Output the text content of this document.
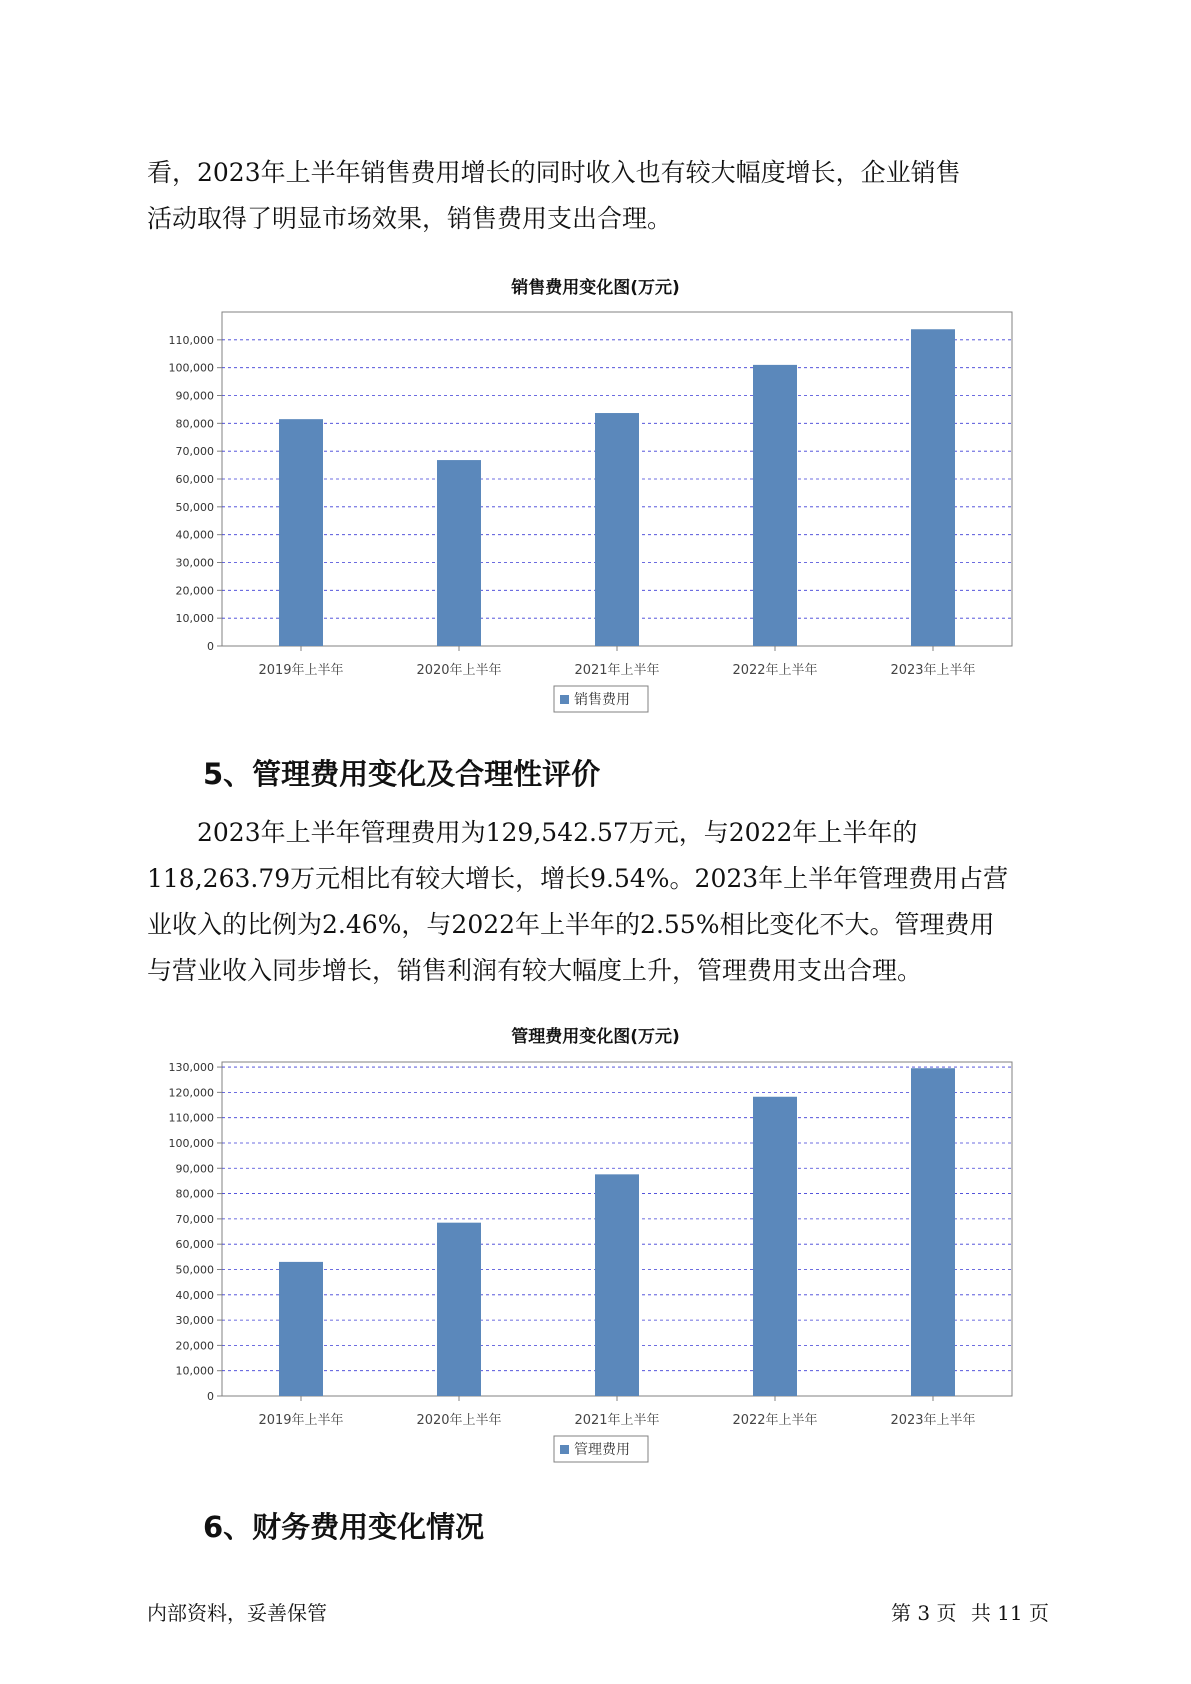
看，2023年上半年销售费用增长的同时收入也有较大幅度增长，企业销售
活动取得了明显市场效果，销售费用支出合理。
销售费用变化图(万元)
0
10,000
20,000
30,000
40,000
50,000
60,000
70,000
80,000
90,000
100,000
110,000
2019年上半年	2020年上半年	2021年上半年	2022年上半年	2023年上半年
销售费用
5、管理费用变化及合理性评价
　　2023年上半年管理费用为129,542.57万元，与2022年上半年的
118,263.79万元相比有较大增长，增长9.54%。2023年上半年管理费用占营
业收入的比例为2.46%，与2022年上半年的2.55%相比变化不大。管理费用
与营业收入同步增长，销售利润有较大幅度上升，管理费用支出合理。
管理费用变化图(万元)
0
10,000
20,000
30,000
40,000
50,000
60,000
70,000
80,000
90,000
100,000
110,000
120,000
130,000
2019年上半年	2020年上半年	2021年上半年	2022年上半年	2023年上半年
管理费用
6、财务费用变化情况
内部资料，妥善保管	第 3 页 共 11 页
